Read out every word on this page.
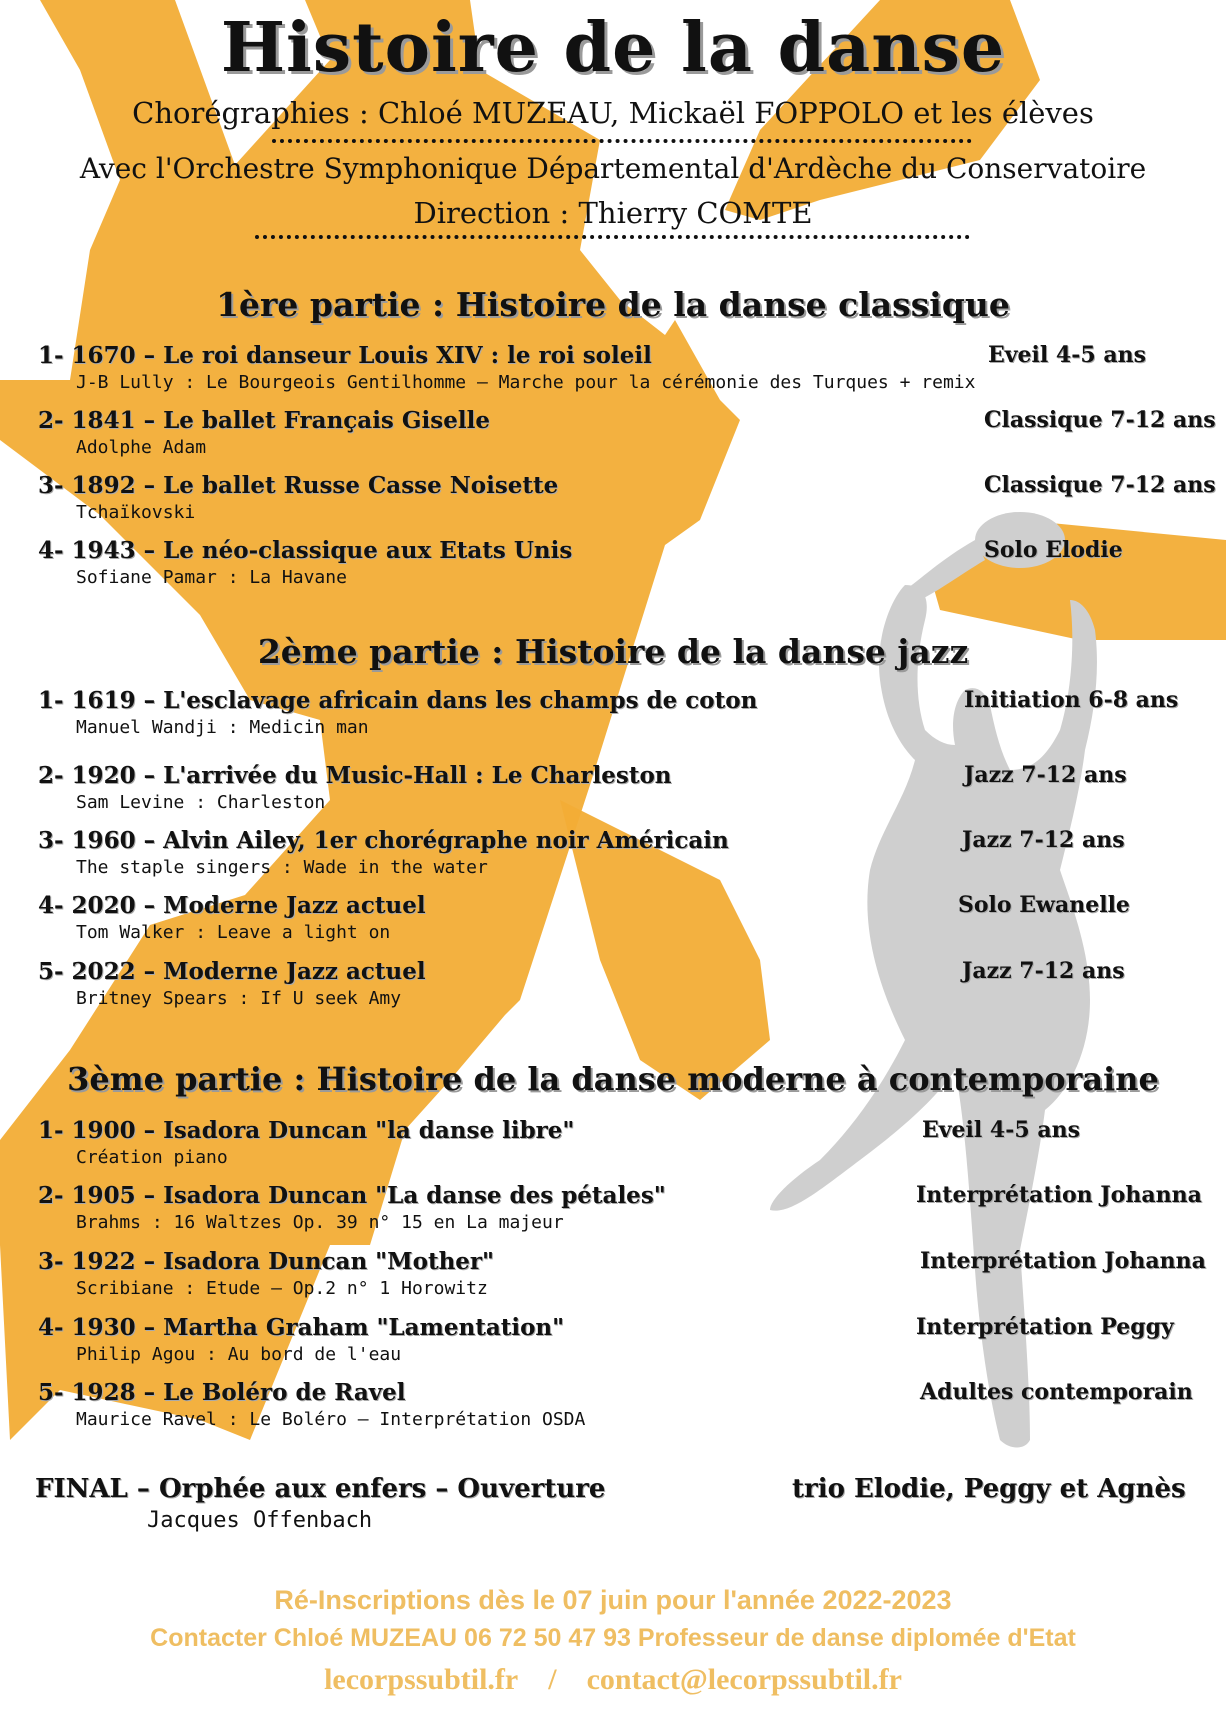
Histoire de la danse
Chorégraphies : Chloé MUZEAU, Mickaël FOPPOLO et les élèves
Avec l'Orchestre Symphonique Départemental d'Ardèche du Conservatoire
Direction : Thierry COMTE
1ère partie : Histoire de la danse classique
1- 1670 – Le roi danseur Louis XIV : le roi soleil
J-B Lully : Le Bourgeois Gentilhomme – Marche pour la cérémonie des Turques + remix
Eveil 4-5 ans
2- 1841 – Le ballet Français Giselle
Adolphe Adam
Classique 7-12 ans
3- 1892 – Le ballet Russe Casse Noisette
Tchaïkovski
Classique 7-12 ans
4- 1943 – Le néo-classique aux Etats Unis
Sofiane Pamar : La Havane
Solo Elodie
2ème partie : Histoire de la danse jazz
1- 1619 – L'esclavage africain dans les champs de coton
Manuel Wandji : Medicin man
Initiation 6-8 ans
2- 1920 – L'arrivée du Music-Hall : Le Charleston
Sam Levine : Charleston
Jazz 7-12 ans
3- 1960 – Alvin Ailey, 1er chorégraphe noir Américain
The staple singers : Wade in the water
Jazz 7-12 ans
4- 2020 – Moderne Jazz actuel
Tom Walker : Leave a light on
Solo Ewanelle
5- 2022 – Moderne Jazz actuel
Britney Spears : If U seek Amy
Jazz 7-12 ans
3ème partie : Histoire de la danse moderne à contemporaine
1- 1900 – Isadora Duncan "la danse libre"
Création piano
Eveil 4-5 ans
2- 1905 – Isadora Duncan "La danse des pétales"
Brahms : 16 Waltzes Op. 39 n° 15 en La majeur
Interprétation Johanna
3- 1922 – Isadora Duncan "Mother"
Scribiane : Etude – Op.2 n° 1 Horowitz
Interprétation Johanna
4- 1930 – Martha Graham "Lamentation"
Philip Agou : Au bord de l'eau
Interprétation Peggy
5- 1928 – Le Boléro de Ravel
Maurice Ravel : Le Boléro – Interprétation OSDA
Adultes contemporain
FINAL – Orphée aux enfers – Ouverture
Jacques Offenbach
trio Elodie, Peggy et Agnès
Ré-Inscriptions dès le 07 juin pour l'année 2022-2023
Contacter Chloé MUZEAU 06 72 50 47 93 Professeur de danse diplomée d'Etat
lecorpssubtil.fr / contact@lecorpssubtil.fr
